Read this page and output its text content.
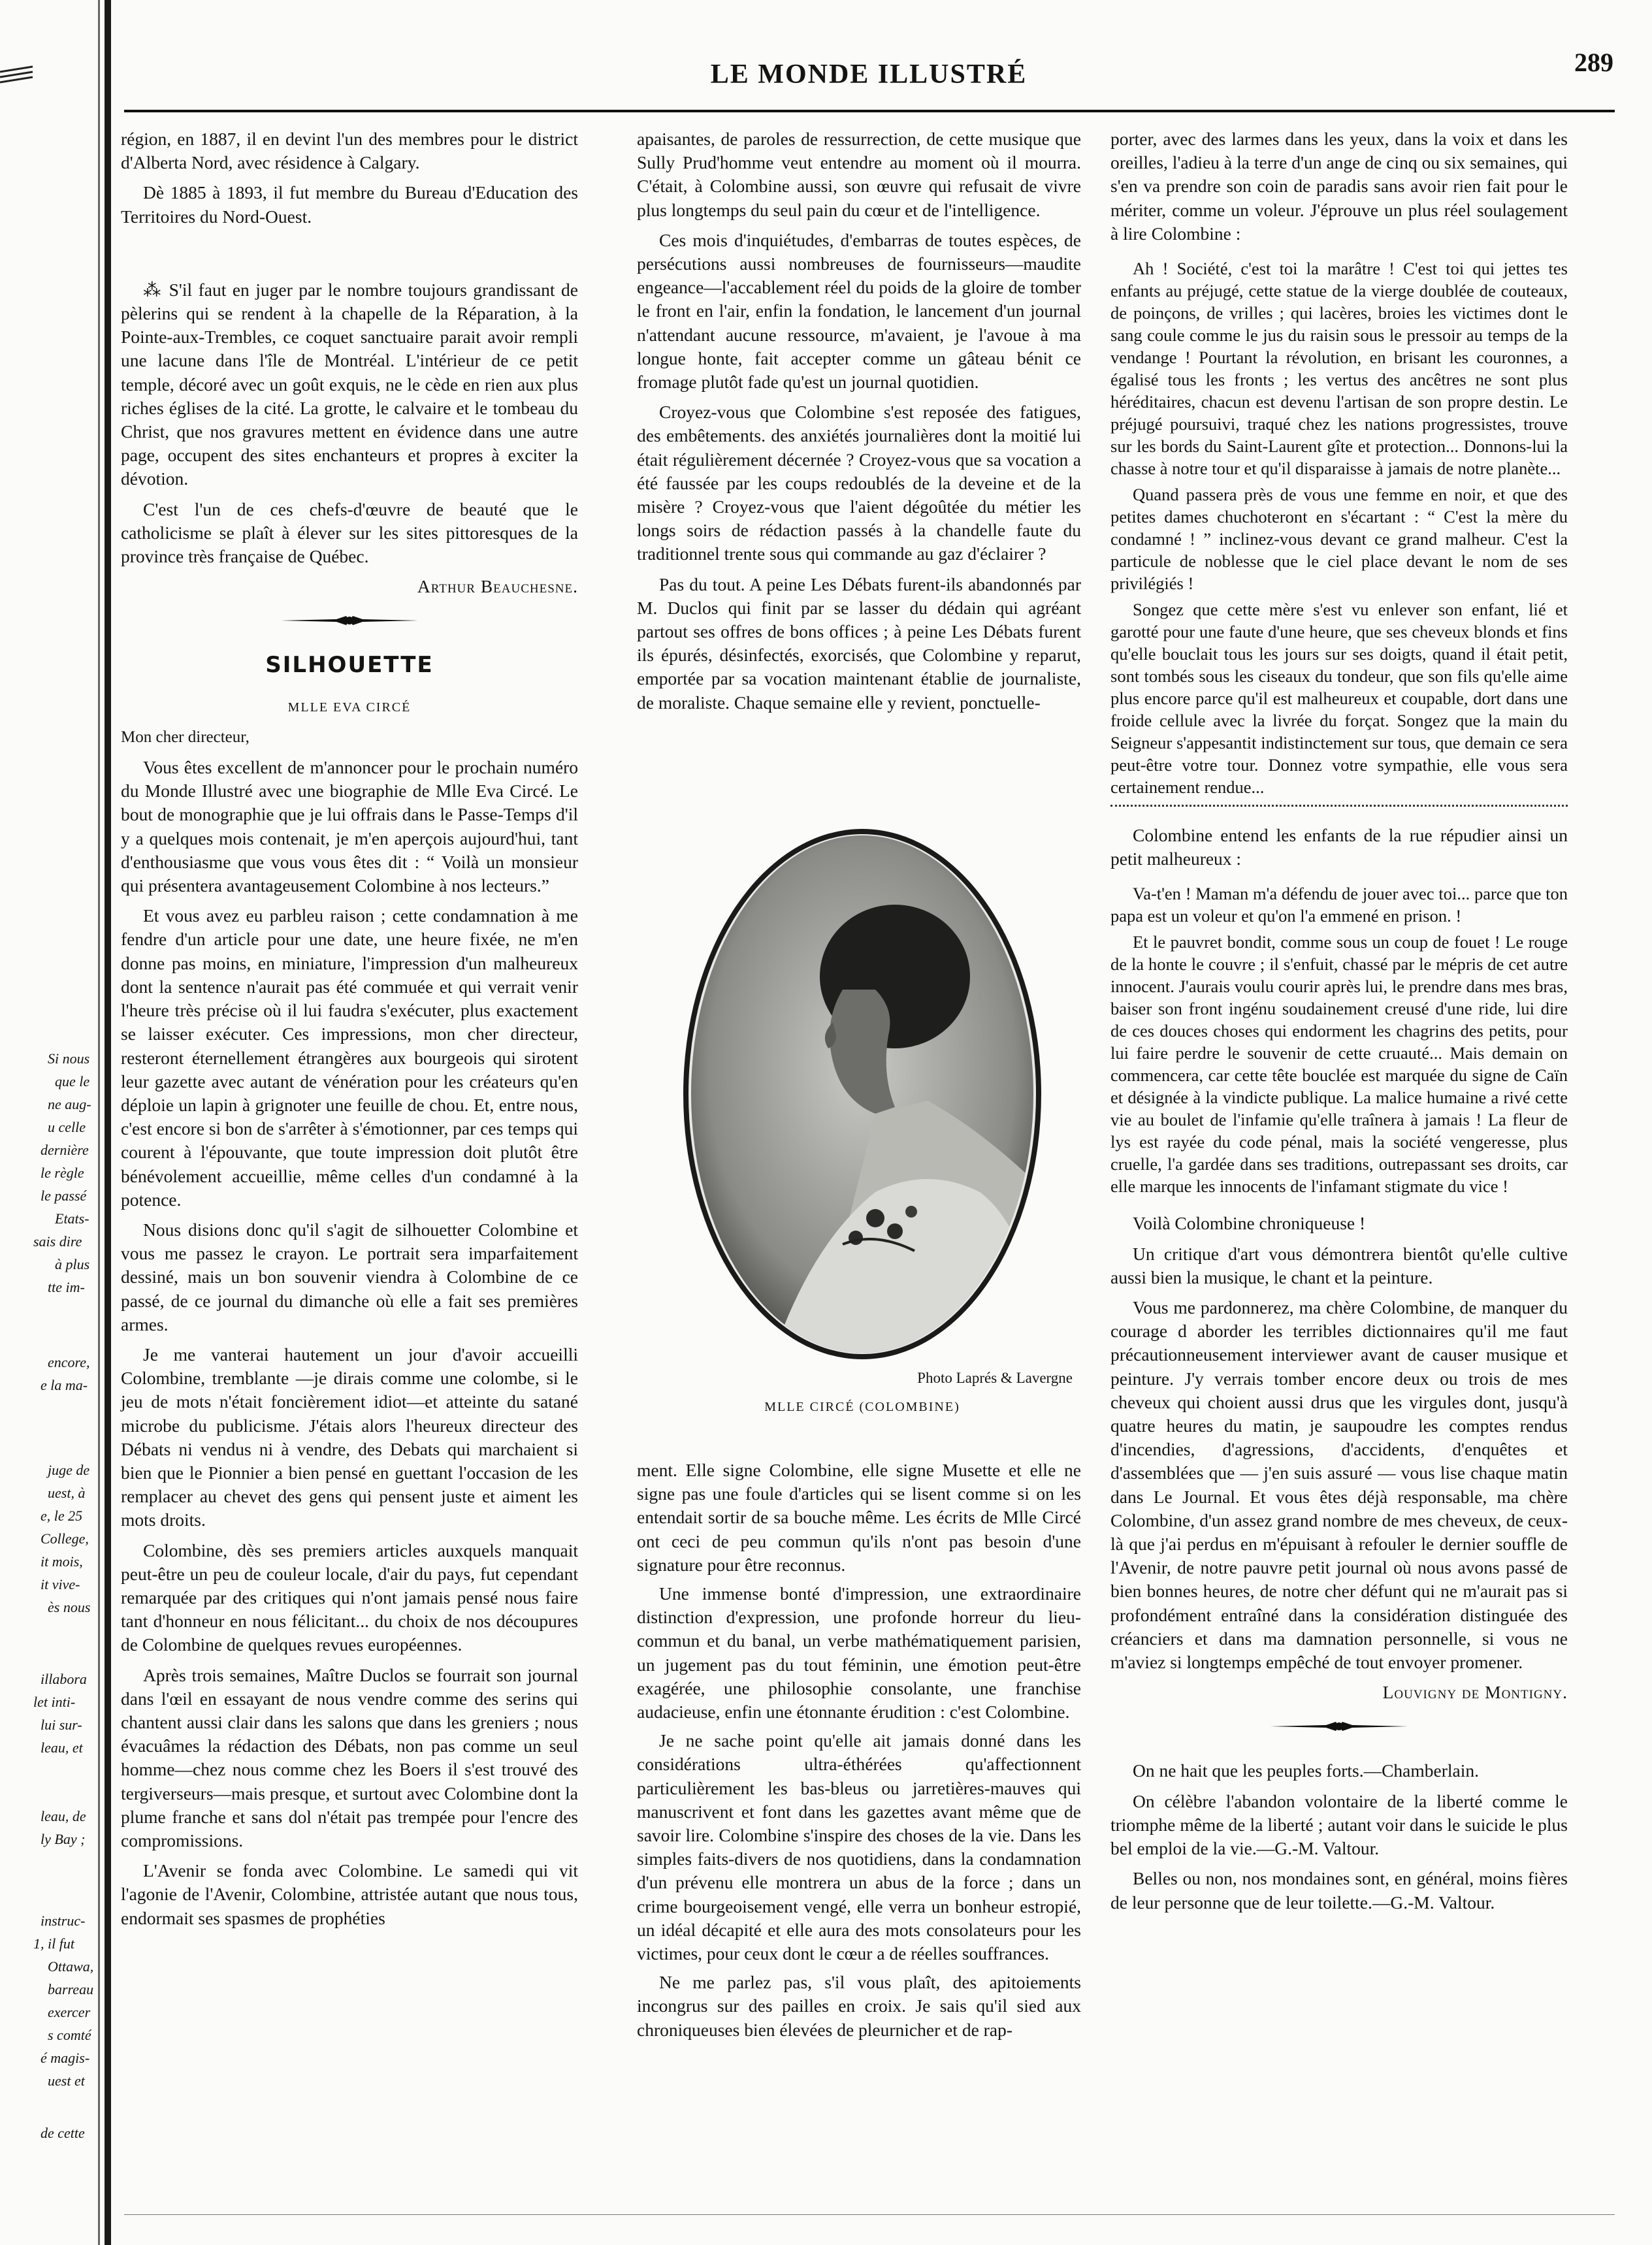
Si nous
que le
ne aug-
u celle
dernière
le règle
le passé
Etats-
sais dire
à plus
tte im-
encore,
e la ma-
juge de
uest, à
e, le 25
College,
it mois,
it vive-
ès nous
illabora
let inti-
lui sur-
leau, et
leau, de
ly Bay ;
instruc-
1, il fut
Ottawa,
barreau
exercer
s comté
é magis-
uest et
de cette
LE MONDE ILLUSTRÉ	289

région, en 1887, il en devint l'un des membres pour le district d'Alberta Nord, avec résidence à Calgary.

Dè 1885 à 1893, il fut membre du Bureau d'Education des Territoires du Nord-Ouest.

⁂ S'il faut en juger par le nombre toujours grandissant de pèlerins qui se rendent à la chapelle de la Réparation, à la Pointe-aux-Trembles, ce coquet sanctuaire parait avoir rempli une lacune dans l'île de Montréal. L'intérieur de ce petit temple, décoré avec un goût exquis, ne le cède en rien aux plus riches églises de la cité. La grotte, le calvaire et le tombeau du Christ, que nos gravures mettent en évidence dans une autre page, occupent des sites enchanteurs et propres à exciter la dévotion.

C'est l'un de ces chefs-d'œuvre de beauté que le catholicisme se plaît à élever sur les sites pittoresques de la province très française de Québec.

Arthur Beauchesne.

SILHOUETTE
MLLE EVA CIRCÉ

Mon cher directeur,

Vous êtes excellent de m'annoncer pour le prochain numéro du Monde Illustré avec une biographie de Mlle Eva Circé. Le bout de monographie que je lui offrais dans le Passe-Temps d'il y a quelques mois contenait, je m'en aperçois aujourd'hui, tant d'enthousiasme que vous vous êtes dit : “ Voilà un monsieur qui présentera avantageusement Colombine à nos lecteurs.”

Et vous avez eu parbleu raison ; cette condamnation à me fendre d'un article pour une date, une heure fixée, ne m'en donne pas moins, en miniature, l'impression d'un malheureux dont la sentence n'aurait pas été commuée et qui verrait venir l'heure très précise où il lui faudra s'exécuter, plus exactement se laisser exécuter. Ces impressions, mon cher directeur, resteront éternellement étrangères aux bourgeois qui sirotent leur gazette avec autant de vénération pour les créateurs qu'en déploie un lapin à grignoter une feuille de chou. Et, entre nous, c'est encore si bon de s'arrêter à s'émotionner, par ces temps qui courent à l'épouvante, que toute impression doit plutôt être bénévolement accueillie, même celles d'un condamné à la potence.

Nous disions donc qu'il s'agit de silhouetter Colombine et vous me passez le crayon. Le portrait sera imparfaitement dessiné, mais un bon souvenir viendra à Colombine de ce passé, de ce journal du dimanche où elle a fait ses premières armes.

Je me vanterai hautement un jour d'avoir accueilli Colombine, tremblante —je dirais comme une colombe, si le jeu de mots n'était foncièrement idiot—et atteinte du satané microbe du publicisme. J'étais alors l'heureux directeur des Débats ni vendus ni à vendre, des Debats qui marchaient si bien que le Pionnier a bien pensé en guettant l'occasion de les remplacer au chevet des gens qui pensent juste et aiment les mots droits.

Colombine, dès ses premiers articles auxquels manquait peut-être un peu de couleur locale, d'air du pays, fut cependant remarquée par des critiques qui n'ont jamais pensé nous faire tant d'honneur en nous félicitant... du choix de nos découpures de Colombine de quelques revues européennes.

Après trois semaines, Maître Duclos se fourrait son journal dans l'œil en essayant de nous vendre comme des serins qui chantent aussi clair dans les salons que dans les greniers ; nous évacuâmes la rédaction des Débats, non pas comme un seul homme—chez nous comme chez les Boers il s'est trouvé des tergiverseurs—mais presque, et surtout avec Colombine dont la plume franche et sans dol n'était pas trempée pour l'encre des compromissions.

L'Avenir se fonda avec Colombine. Le samedi qui vit l'agonie de l'Avenir, Colombine, attristée autant que nous tous, endormait ses spasmes de prophéties

apaisantes, de paroles de ressurrection, de cette musique que Sully Prud'homme veut entendre au moment où il mourra. C'était, à Colombine aussi, son œuvre qui refusait de vivre plus longtemps du seul pain du cœur et de l'intelligence.

Ces mois d'inquiétudes, d'embarras de toutes espèces, de persécutions aussi nombreuses de fournisseurs—maudite engeance—l'accablement réel du poids de la gloire de tomber le front en l'air, enfin la fondation, le lancement d'un journal n'attendant aucune ressource, m'avaient, je l'avoue à ma longue honte, fait accepter comme un gâteau bénit ce fromage plutôt fade qu'est un journal quotidien.

Croyez-vous que Colombine s'est reposée des fatigues, des embêtements. des anxiétés journalières dont la moitié lui était régulièrement décernée ? Croyez-vous que sa vocation a été faussée par les coups redoublés de la deveine et de la misère ? Croyez-vous que l'aient dégoûtée du métier les longs soirs de rédaction passés à la chandelle faute du traditionnel trente sous qui commande au gaz d'éclairer ?

Pas du tout. A peine Les Débats furent-ils abandonnés par M. Duclos qui finit par se lasser du dédain qui agréant partout ses offres de bons offices ; à peine Les Débats furent ils épurés, désinfectés, exorcisés, que Colombine y reparut, emportée par sa vocation maintenant établie de journaliste, de moraliste. Chaque semaine elle y revient, ponctuelle-

Photo Laprés & Lavergne
MLLE CIRCÉ (COLOMBINE)

ment. Elle signe Colombine, elle signe Musette et elle ne signe pas une foule d'articles qui se lisent comme si on les entendait sortir de sa bouche même. Les écrits de Mlle Circé ont ceci de peu commun qu'ils n'ont pas besoin d'une signature pour être reconnus.

Une immense bonté d'impression, une extraordinaire distinction d'expression, une profonde horreur du lieu-commun et du banal, un verbe mathématiquement parisien, un jugement pas du tout féminin, une émotion peut-être exagérée, une philosophie consolante, une franchise audacieuse, enfin une étonnante érudition : c'est Colombine.

Je ne sache point qu'elle ait jamais donné dans les considérations ultra-éthérées qu'affectionnent particulièrement les bas-bleus ou jarretières-mauves qui manuscrivent et font dans les gazettes avant même que de savoir lire. Colombine s'inspire des choses de la vie. Dans les simples faits-divers de nos quotidiens, dans la condamnation d'un prévenu elle montrera un abus de la force ; dans un crime bourgeoisement vengé, elle verra un bonheur estropié, un idéal décapité et elle aura des mots consolateurs pour les victimes, pour ceux dont le cœur a de réelles souffrances.

Ne me parlez pas, s'il vous plaît, des apitoiements incongrus sur des pailles en croix. Je sais qu'il sied aux chroniqueuses bien élevées de pleurnicher et de rap-

porter, avec des larmes dans les yeux, dans la voix et dans les oreilles, l'adieu à la terre d'un ange de cinq ou six semaines, qui s'en va prendre son coin de paradis sans avoir rien fait pour le mériter, comme un voleur. J'éprouve un plus réel soulagement à lire Colombine :

Ah ! Société, c'est toi la marâtre ! C'est toi qui jettes tes enfants au préjugé, cette statue de la vierge doublée de couteaux, de poinçons, de vrilles ; qui lacères, broies les victimes dont le sang coule comme le jus du raisin sous le pressoir au temps de la vendange ! Pourtant la révolution, en brisant les couronnes, a égalisé tous les fronts ; les vertus des ancêtres ne sont plus héréditaires, chacun est devenu l'artisan de son propre destin. Le préjugé poursuivi, traqué chez les nations progressistes, trouve sur les bords du Saint-Laurent gîte et protection... Donnons-lui la chasse à notre tour et qu'il disparaisse à jamais de notre planète...

Quand passera près de vous une femme en noir, et que des petites dames chuchoteront en s'écartant : “ C'est la mère du condamné ! ” inclinez-vous devant ce grand malheur. C'est la particule de noblesse que le ciel place devant le nom de ses privilégiés !

Songez que cette mère s'est vu enlever son enfant, lié et garotté pour une faute d'une heure, que ses cheveux blonds et fins qu'elle bouclait tous les jours sur ses doigts, quand il était petit, sont tombés sous les ciseaux du tondeur, que son fils qu'elle aime plus encore parce qu'il est malheureux et coupable, dort dans une froide cellule avec la livrée du forçat. Songez que la main du Seigneur s'appesantit indistinctement sur tous, que demain ce sera peut-être votre tour. Donnez votre sympathie, elle vous sera certainement rendue...

Colombine entend les enfants de la rue répudier ainsi un petit malheureux :

Va-t'en ! Maman m'a défendu de jouer avec toi... parce que ton papa est un voleur et qu'on l'a emmené en prison. !

Et le pauvret bondit, comme sous un coup de fouet ! Le rouge de la honte le couvre ; il s'enfuit, chassé par le mépris de cet autre innocent. J'aurais voulu courir après lui, le prendre dans mes bras, baiser son front ingénu soudainement creusé d'une ride, lui dire de ces douces choses qui endorment les chagrins des petits, pour lui faire perdre le souvenir de cette cruauté... Mais demain on commencera, car cette tête bouclée est marquée du signe de Caïn et désignée à la vindicte publique. La malice humaine a rivé cette vie au boulet de l'infamie qu'elle traînera à jamais ! La fleur de lys est rayée du code pénal, mais la société vengeresse, plus cruelle, l'a gardée dans ses traditions, outrepassant ses droits, car elle marque les innocents de l'infamant stigmate du vice !

Voilà Colombine chroniqueuse !

Un critique d'art vous démontrera bientôt qu'elle cultive aussi bien la musique, le chant et la peinture.

Vous me pardonnerez, ma chère Colombine, de manquer du courage d aborder les terribles dictionnaires qu'il me faut précautionneusement interviewer avant de causer musique et peinture. J'y verrais tomber encore deux ou trois de mes cheveux qui choient aussi drus que les virgules dont, jusqu'à quatre heures du matin, je saupoudre les comptes rendus d'incendies, d'agressions, d'accidents, d'enquêtes et d'assemblées que — j'en suis assuré — vous lise chaque matin dans Le Journal. Et vous êtes déjà responsable, ma chère Colombine, d'un assez grand nombre de mes cheveux, de ceux-là que j'ai perdus en m'épuisant à refouler le dernier souffle de l'Avenir, de notre pauvre petit journal où nous avons passé de bien bonnes heures, de notre cher défunt qui ne m'aurait pas si profondément entraîné dans la considération distinguée des créanciers et dans ma damnation personnelle, si vous ne m'aviez si longtemps empêché de tout envoyer promener.

Louvigny de Montigny.

On ne hait que les peuples forts.—Chamberlain.

On célèbre l'abandon volontaire de la liberté comme le triomphe même de la liberté ; autant voir dans le suicide le plus bel emploi de la vie.—G.-M. Valtour.

Belles ou non, nos mondaines sont, en général, moins fières de leur personne que de leur toilette.—G.-M. Valtour.
